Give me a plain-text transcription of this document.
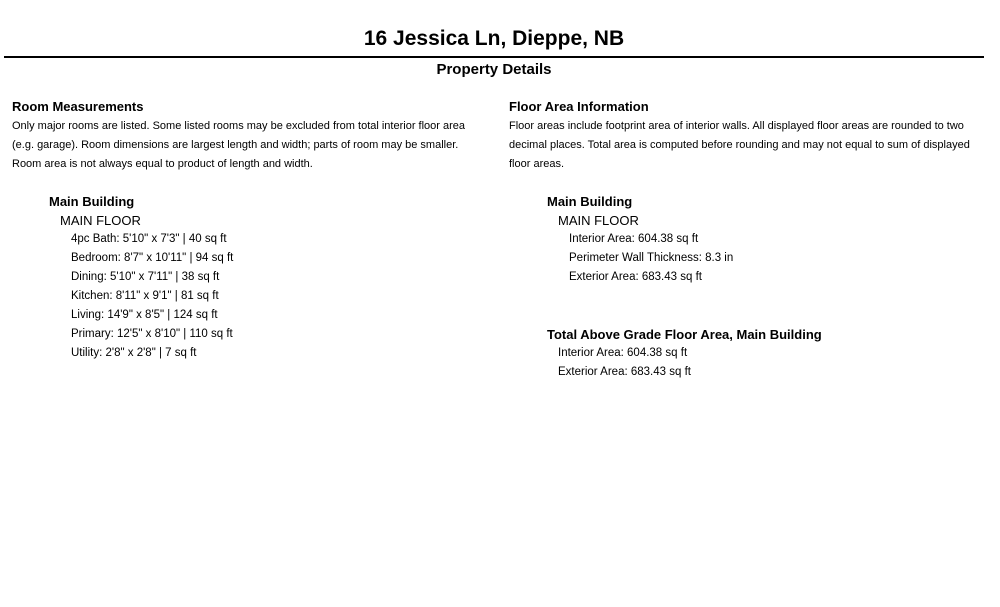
16 Jessica Ln, Dieppe, NB
Property Details
Room Measurements
Only major rooms are listed. Some listed rooms may be excluded from total interior floor area (e.g. garage). Room dimensions are largest length and width; parts of room may be smaller. Room area is not always equal to product of length and width.
Main Building
MAIN FLOOR
4pc Bath: 5'10" x 7'3" | 40 sq ft
Bedroom: 8'7" x 10'11" | 94 sq ft
Dining: 5'10" x 7'11" | 38 sq ft
Kitchen: 8'11" x 9'1" | 81 sq ft
Living: 14'9" x 8'5" | 124 sq ft
Primary: 12'5" x 8'10" | 110 sq ft
Utility: 2'8" x 2'8" | 7 sq ft
Floor Area Information
Floor areas include footprint area of interior walls. All displayed floor areas are rounded to two decimal places. Total area is computed before rounding and may not equal to sum of displayed floor areas.
Main Building
MAIN FLOOR
Interior Area: 604.38 sq ft
Perimeter Wall Thickness: 8.3 in
Exterior Area: 683.43 sq ft
Total Above Grade Floor Area, Main Building
Interior Area: 604.38 sq ft
Exterior Area: 683.43 sq ft
